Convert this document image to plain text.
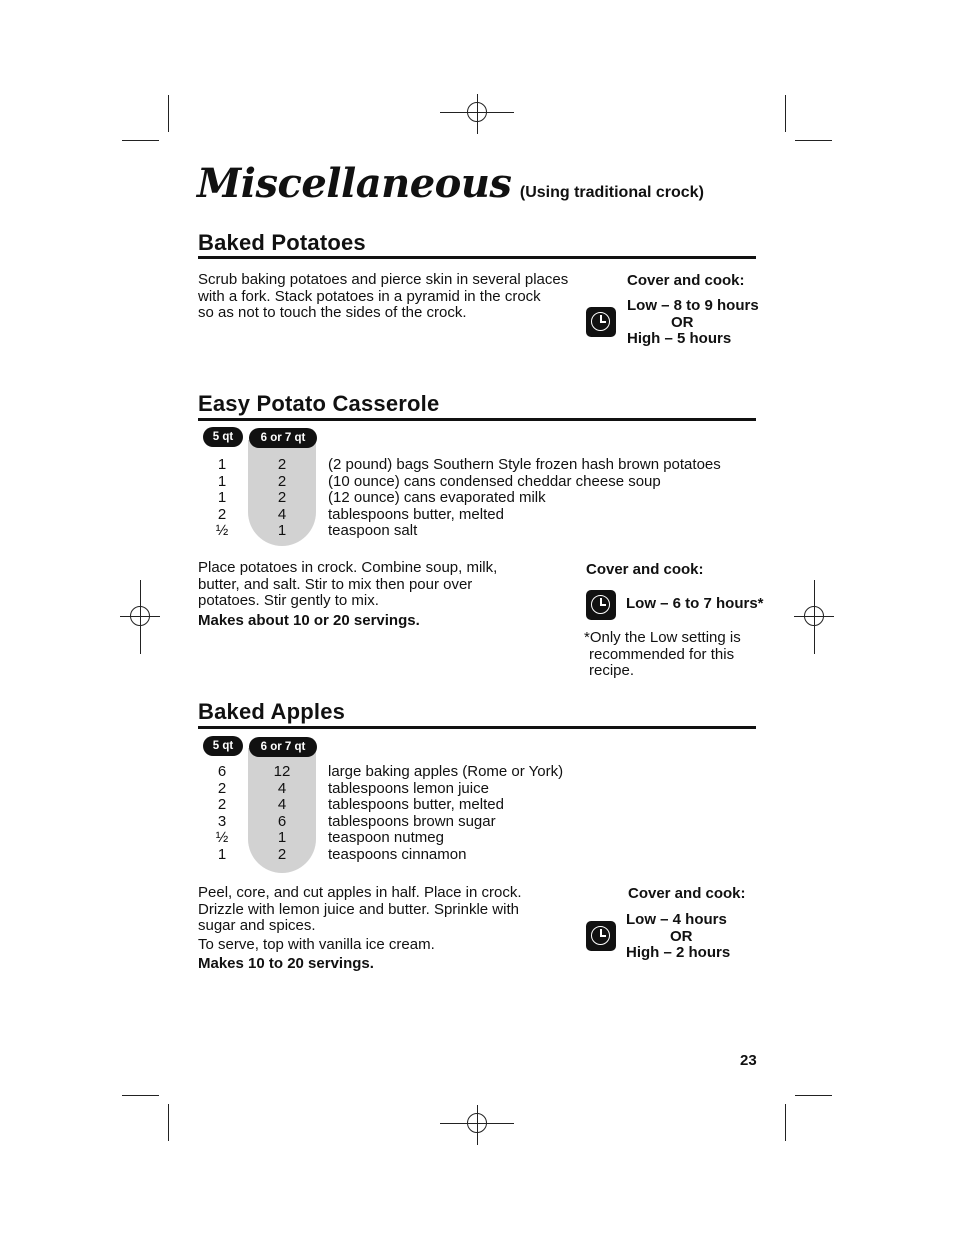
Miscellaneous (Using traditional crock)
Baked Potatoes
Scrub baking potatoes and pierce skin in several places
with a fork. Stack potatoes in a pyramid in the crock
so as not to touch the sides of the crock.
Cover and cook:
Low – 8 to 9 hours
OR
High – 5 hours
Easy Potato Casserole
5 qt	6 or 7 qt
1
1
1
2
½
2
2
2
4
1
(2 pound) bags Southern Style frozen hash brown potatoes
(10 ounce) cans condensed cheddar cheese soup
(12 ounce) cans evaporated milk
tablespoons butter, melted
teaspoon salt
Place potatoes in crock. Combine soup, milk,
butter, and salt. Stir to mix then pour over
potatoes. Stir gently to mix.
Makes about 10 or 20 servings.
Cover and cook:
Low – 6 to 7 hours*
*Only the Low setting is
recommended for this
recipe.
Baked Apples
5 qt	6 or 7 qt
6
2
2
3
½
1
12
4
4
6
1
2
large baking apples (Rome or York)
tablespoons lemon juice
tablespoons butter, melted
tablespoons brown sugar
teaspoon nutmeg
teaspoons cinnamon
Peel, core, and cut apples in half. Place in crock.
Drizzle with lemon juice and butter. Sprinkle with
sugar and spices.
To serve, top with vanilla ice cream.
Makes 10 to 20 servings.
Cover and cook:
Low – 4 hours
OR
High – 2 hours
23
